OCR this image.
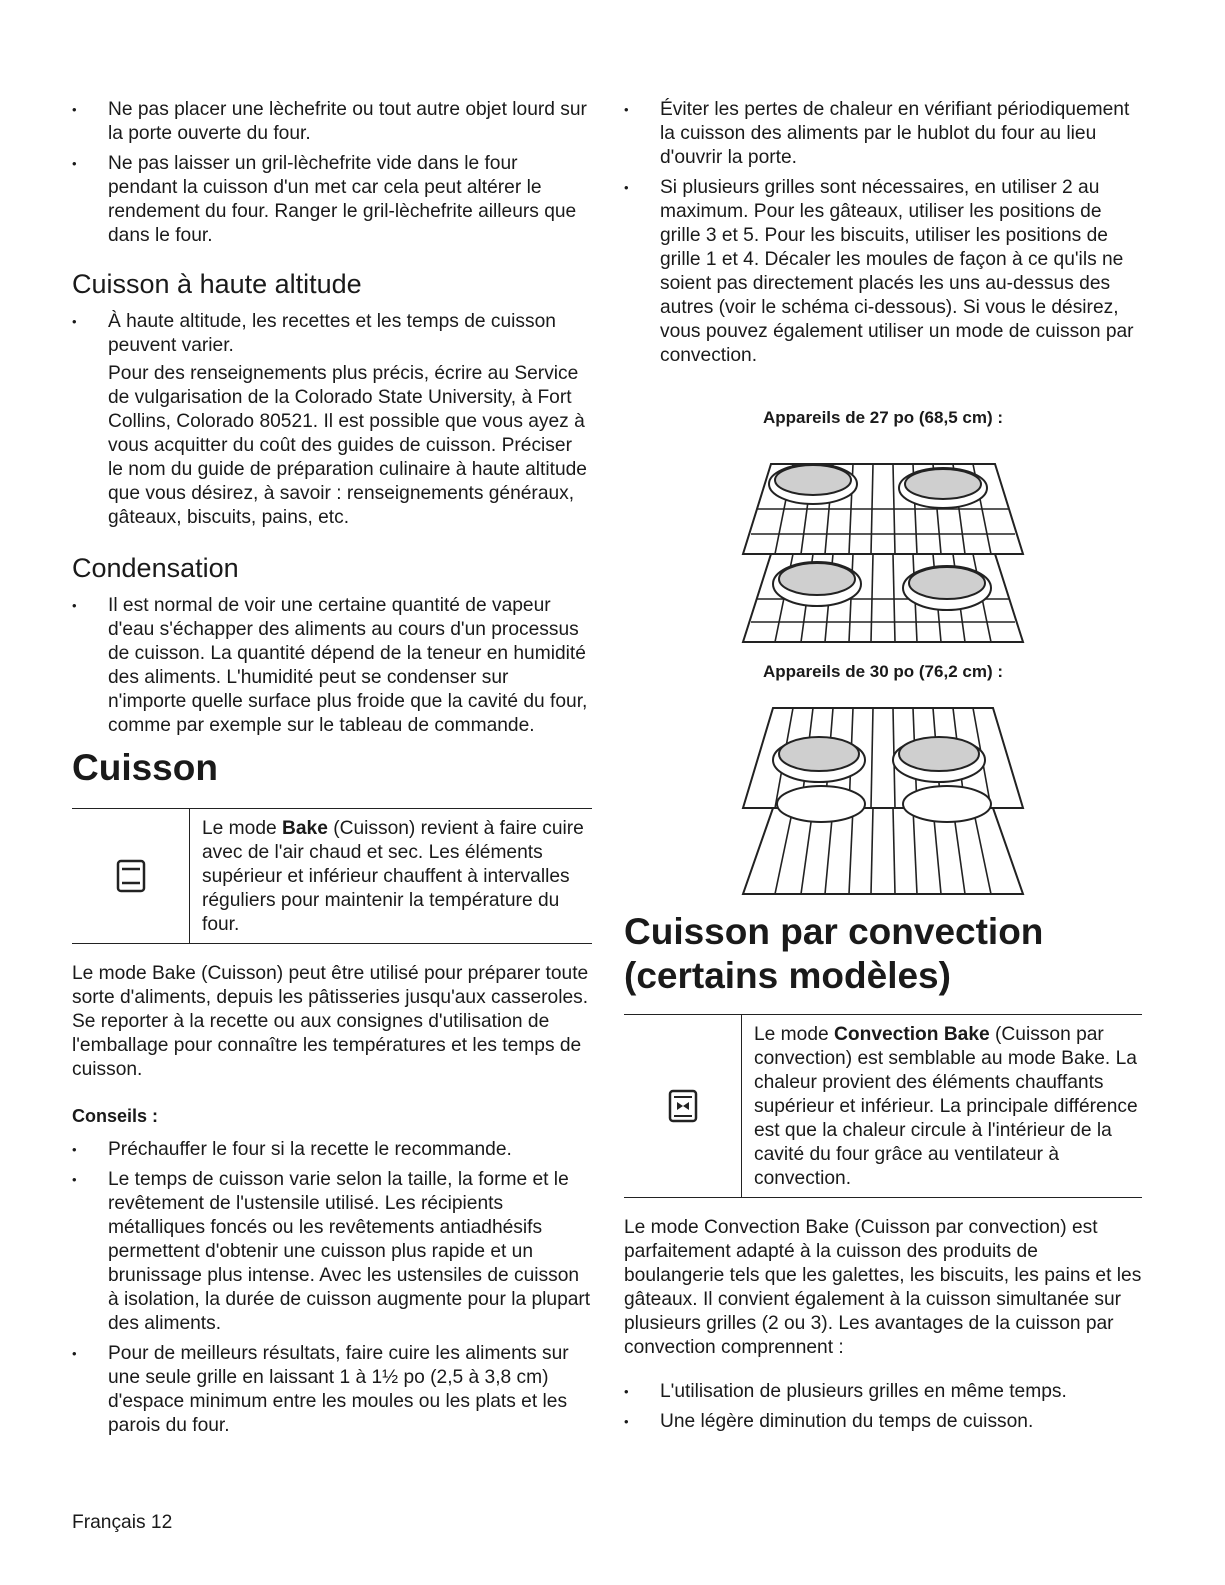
• Ne pas placer une lèchefrite ou tout autre objet lourd sur la porte ouverte du four.
• Ne pas laisser un gril-lèchefrite vide dans le four pendant la cuisson d'un met car cela peut altérer le rendement du four. Ranger le gril-lèchefrite ailleurs que dans le four.
Cuisson à haute altitude
• À haute altitude, les recettes et les temps de cuisson peuvent varier.

Pour des renseignements plus précis, écrire au Service de vulgarisation de la Colorado State University, à Fort Collins, Colorado 80521. Il est possible que vous ayez à vous acquitter du coût des guides de cuisson. Préciser le nom du guide de préparation culinaire à haute altitude que vous désirez, à savoir : renseignements généraux, gâteaux, biscuits, pains, etc.

Condensation
• Il est normal de voir une certaine quantité de vapeur d'eau s'échapper des aliments au cours d'un processus de cuisson. La quantité dépend de la teneur en humidité des aliments. L'humidité peut se condenser sur n'importe quelle surface plus froide que la cavité du four, comme par exemple sur le tableau de commande.
Cuisson
Le mode Bake (Cuisson) revient à faire cuire avec de l'air chaud et sec. Les éléments supérieur et inférieur chauffent à intervalles réguliers pour maintenir la température du four.

Le mode Bake (Cuisson) peut être utilisé pour préparer toute sorte d'aliments, depuis les pâtisseries jusqu'aux casseroles. Se reporter à la recette ou aux consignes d'utilisation de l'emballage pour connaître les températures et les temps de cuisson.

Conseils :
• Préchauffer le four si la recette le recommande.
• Le temps de cuisson varie selon la taille, la forme et le revêtement de l'ustensile utilisé. Les récipients métalliques foncés ou les revêtements antiadhésifs permettent d'obtenir une cuisson plus rapide et un brunissage plus intense. Avec les ustensiles de cuisson à isolation, la durée de cuisson augmente pour la plupart des aliments.
• Pour de meilleurs résultats, faire cuire les aliments sur une seule grille en laissant 1 à 1½ po (2,5 à 3,8 cm) d'espace minimum entre les moules ou les plats et les parois du four.
• Éviter les pertes de chaleur en vérifiant périodiquement la cuisson des aliments par le hublot du four au lieu d'ouvrir la porte.
• Si plusieurs grilles sont nécessaires, en utiliser 2 au maximum. Pour les gâteaux, utiliser les positions de grille 3 et 5. Pour les biscuits, utiliser les positions de grille 1 et 4. Décaler les moules de façon à ce qu'ils ne soient pas directement placés les uns au-dessus des autres (voir le schéma ci-dessous). Si vous le désirez, vous pouvez également utiliser un mode de cuisson par convection.

Appareils de 27 po (68,5 cm) :

Appareils de 30 po (76,2 cm) :

Cuisson par convection
(certains modèles)
Le mode Convection Bake (Cuisson par convection) est semblable au mode Bake. La chaleur provient des éléments chauffants supérieur et inférieur. La principale différence est que la chaleur circule à l'intérieur de la cavité du four grâce au ventilateur à convection.

Le mode Convection Bake (Cuisson par convection) est parfaitement adapté à la cuisson des produits de boulangerie tels que les galettes, les biscuits, les pains et les gâteaux. Il convient également à la cuisson simultanée sur plusieurs grilles (2 ou 3). Les avantages de la cuisson par convection comprennent :

• L'utilisation de plusieurs grilles en même temps.
• Une légère diminution du temps de cuisson.
Français 12
